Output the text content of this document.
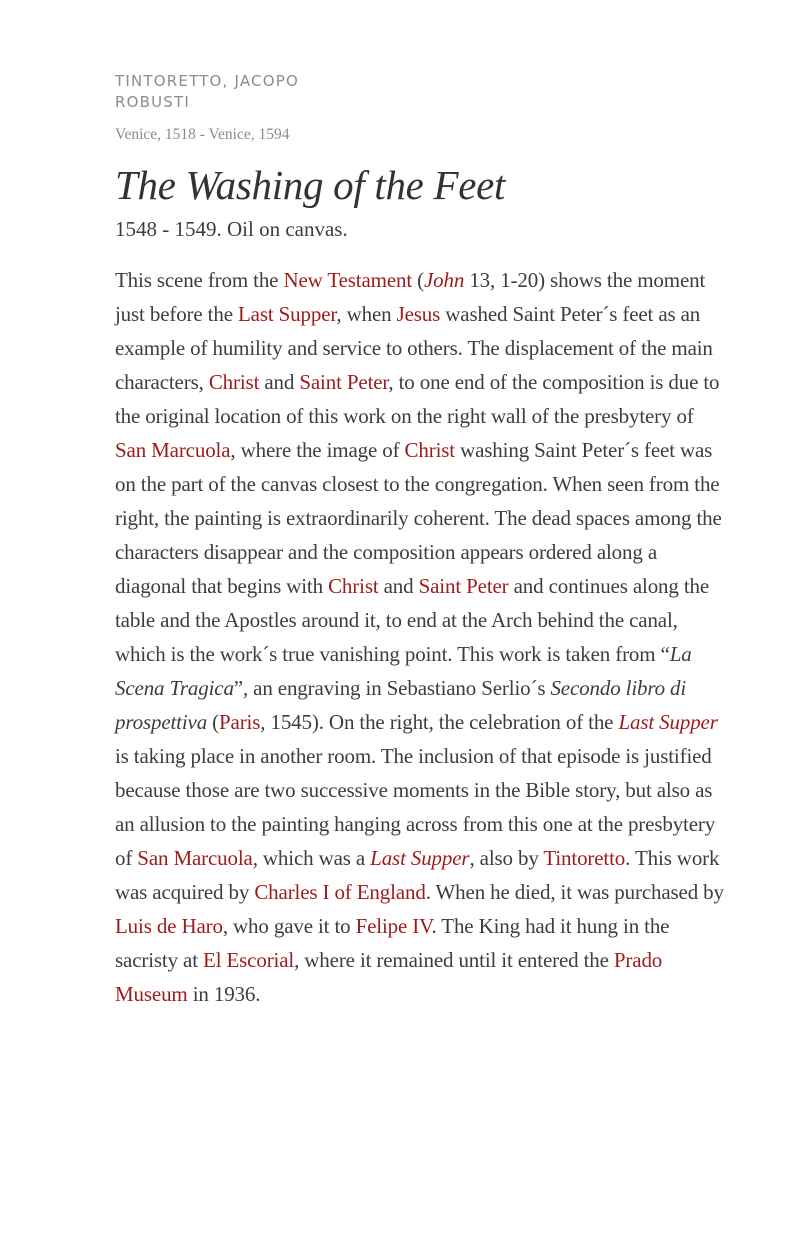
TINTORETTO, JACOPO
ROBUSTI
Venice, 1518 - Venice, 1594
The Washing of the Feet
1548 - 1549. Oil on canvas.
This scene from the New Testament (John 13, 1-20) shows the moment just before the Last Supper, when Jesus washed Saint Peter´s feet as an example of humility and service to others. The displacement of the main characters, Christ and Saint Peter, to one end of the composition is due to the original location of this work on the right wall of the presbytery of San Marcuola, where the image of Christ washing Saint Peter´s feet was on the part of the canvas closest to the congregation. When seen from the right, the painting is extraordinarily coherent. The dead spaces among the characters disappear and the composition appears ordered along a diagonal that begins with Christ and Saint Peter and continues along the table and the Apostles around it, to end at the Arch behind the canal, which is the work´s true vanishing point. This work is taken from “La Scena Tragica”, an engraving in Sebastiano Serlio´s Secondo libro di prospettiva (Paris, 1545). On the right, the celebration of the Last Supper is taking place in another room. The inclusion of that episode is justified because those are two successive moments in the Bible story, but also as an allusion to the painting hanging across from this one at the presbytery of San Marcuola, which was a Last Supper, also by Tintoretto. This work was acquired by Charles I of England. When he died, it was purchased by Luis de Haro, who gave it to Felipe IV. The King had it hung in the sacristy at El Escorial, where it remained until it entered the Prado Museum in 1936.
